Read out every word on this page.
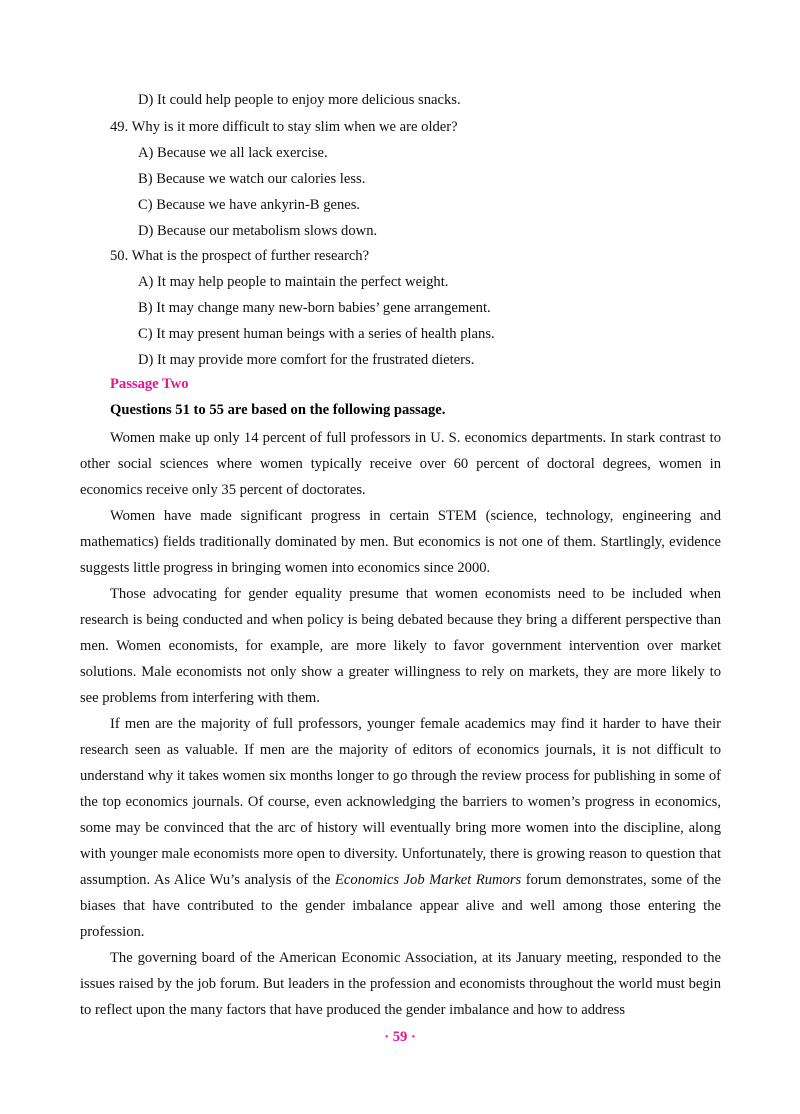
D) It could help people to enjoy more delicious snacks.
49. Why is it more difficult to stay slim when we are older?
A) Because we all lack exercise.
B) Because we watch our calories less.
C) Because we have ankyrin-B genes.
D) Because our metabolism slows down.
50. What is the prospect of further research?
A) It may help people to maintain the perfect weight.
B) It may change many new-born babies’ gene arrangement.
C) It may present human beings with a series of health plans.
D) It may provide more comfort for the frustrated dieters.
Passage Two
Questions 51 to 55 are based on the following passage.

Women make up only 14 percent of full professors in U. S. economics departments. In stark contrast to other social sciences where women typically receive over 60 percent of doctoral degrees, women in economics receive only 35 percent of doctorates.

Women have made significant progress in certain STEM (science, technology, engineering and mathematics) fields traditionally dominated by men. But economics is not one of them. Startlingly, evidence suggests little progress in bringing women into economics since 2000.

Those advocating for gender equality presume that women economists need to be included when research is being conducted and when policy is being debated because they bring a different perspective than men. Women economists, for example, are more likely to favor government intervention over market solutions. Male economists not only show a greater willingness to rely on markets, they are more likely to see problems from interfering with them.

If men are the majority of full professors, younger female academics may find it harder to have their research seen as valuable. If men are the majority of editors of economics journals, it is not difficult to understand why it takes women six months longer to go through the review process for publishing in some of the top economics journals. Of course, even acknowledging the barriers to women’s progress in economics, some may be convinced that the arc of history will eventually bring more women into the discipline, along with younger male economists more open to diversity. Unfortunately, there is growing reason to question that assumption. As Alice Wu’s analysis of the Economics Job Market Rumors forum demonstrates, some of the biases that have contributed to the gender imbalance appear alive and well among those entering the profession.

The governing board of the American Economic Association, at its January meeting, responded to the issues raised by the job forum. But leaders in the profession and economists throughout the world must begin to reflect upon the many factors that have produced the gender imbalance and how to address

· 59 ·
